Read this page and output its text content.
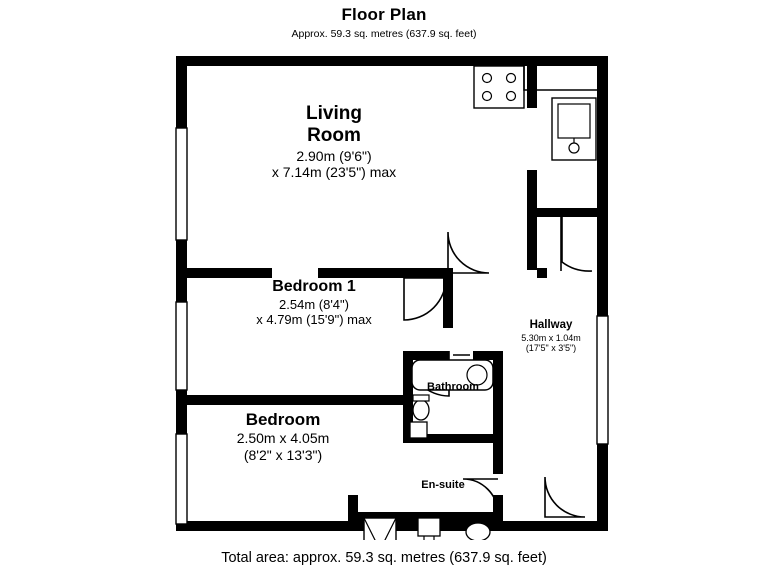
Floor Plan
Approx. 59.3 sq. metres (637.9 sq. feet)
Living
Room
2.90m (9'6")
x 7.14m (23'5") max
Bedroom 1
2.54m (8'4")
x 4.79m (15'9") max
Bedroom
2.50m x 4.05m
(8'2" x 13'3")
Hallway
5.30m x 1.04m
(17'5" x 3'5")
Bathroom
En-suite
Total area: approx. 59.3 sq. metres (637.9 sq. feet)
